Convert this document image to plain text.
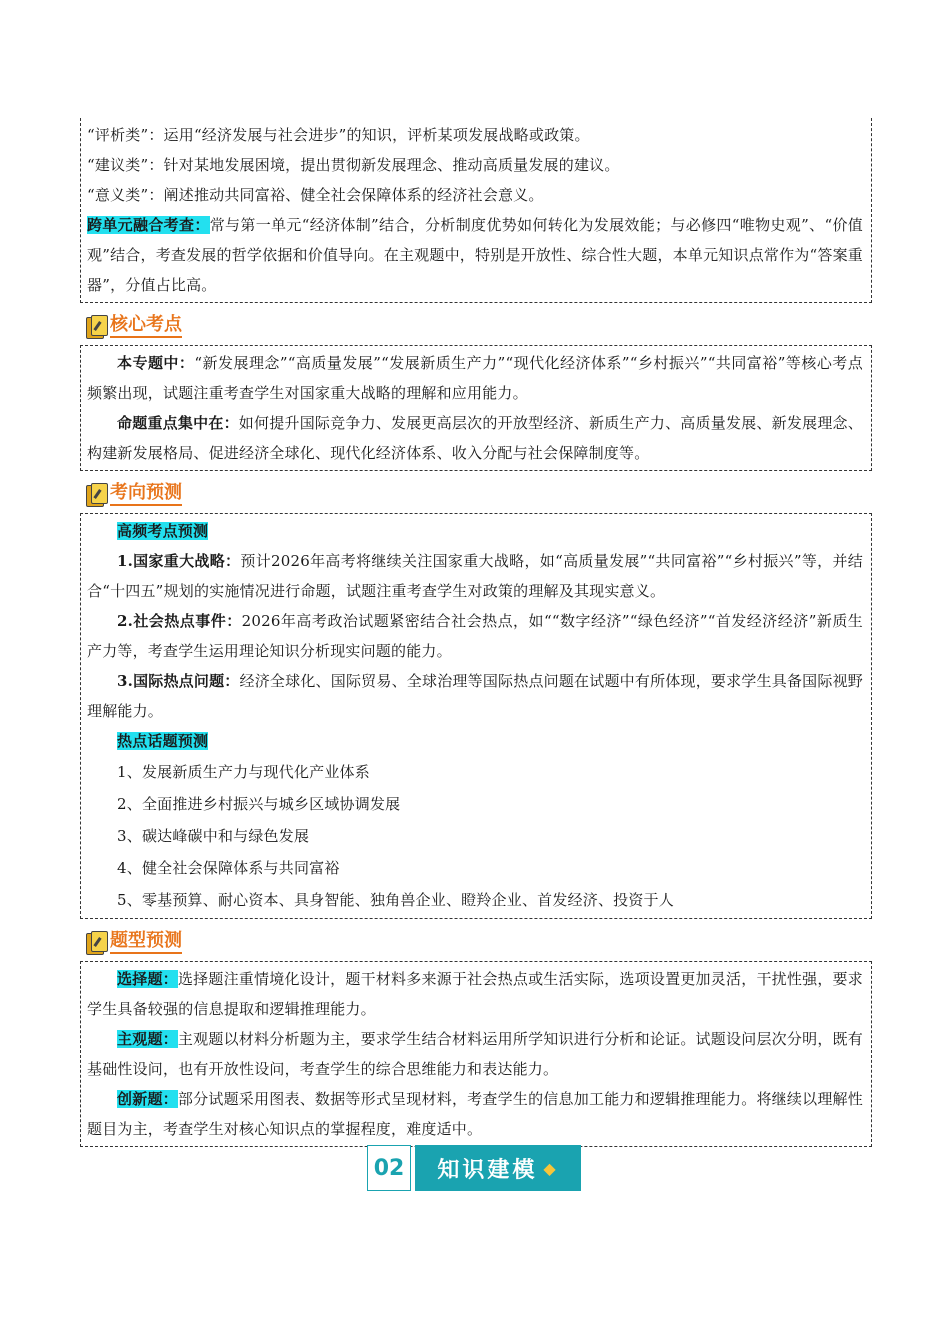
“评析类”：运用“经济发展与社会进步”的知识，评析某项发展战略或政策。

“建议类”：针对某地发展困境，提出贯彻新发展理念、推动高质量发展的建议。

“意义类”：阐述推动共同富裕、健全社会保障体系的经济社会意义。

跨单元融合考查：常与第一单元“经济体制”结合，分析制度优势如何转化为发展效能；与必修四“唯物史观”、“价值观”结合，考查发展的哲学依据和价值导向。在主观题中，特别是开放性、综合性大题，本单元知识点常作为“答案重器”，分值占比高。

核心考点

本专题中：“新发展理念”“高质量发展”“发展新质生产力”“现代化经济体系”“乡村振兴”“共同富裕”等核心考点频繁出现，试题注重考查学生对国家重大战略的理解和应用能力。

命题重点集中在：如何提升国际竞争力、发展更高层次的开放型经济、新质生产力、高质量发展、新发展理念、构建新发展格局、促进经济全球化、现代化经济体系、收入分配与社会保障制度等。

考向预测

高频考点预测

1.国家重大战略：预计2026年高考将继续关注国家重大战略，如“高质量发展”“共同富裕”“乡村振兴”等，并结合“十四五”规划的实施情况进行命题，试题注重考查学生对政策的理解及其现实意义。

2.社会热点事件：2026年高考政治试题紧密结合社会热点，如““数字经济”“绿色经济”“首发经济经济”新质生产力等，考查学生运用理论知识分析现实问题的能力。

3.国际热点问题：经济全球化、国际贸易、全球治理等国际热点问题在试题中有所体现，要求学生具备国际视野理解能力。

热点话题预测

1、发展新质生产力与现代化产业体系

2、全面推进乡村振兴与城乡区域协调发展

3、碳达峰碳中和与绿色发展

4、健全社会保障体系与共同富裕

5、零基预算、耐心资本、具身智能、独角兽企业、瞪羚企业、首发经济、投资于人

题型预测

选择题：选择题注重情境化设计，题干材料多来源于社会热点或生活实际，选项设置更加灵活，干扰性强，要求学生具备较强的信息提取和逻辑推理能力。

主观题：主观题以材料分析题为主，要求学生结合材料运用所学知识进行分析和论证。试题设问层次分明，既有基础性设问，也有开放性设问，考查学生的综合思维能力和表达能力。

创新题：部分试题采用图表、数据等形式呈现材料，考查学生的信息加工能力和逻辑推理能力。将继续以理解性题目为主，考查学生对核心知识点的掌握程度，难度适中。

02	知识建模 ◆
